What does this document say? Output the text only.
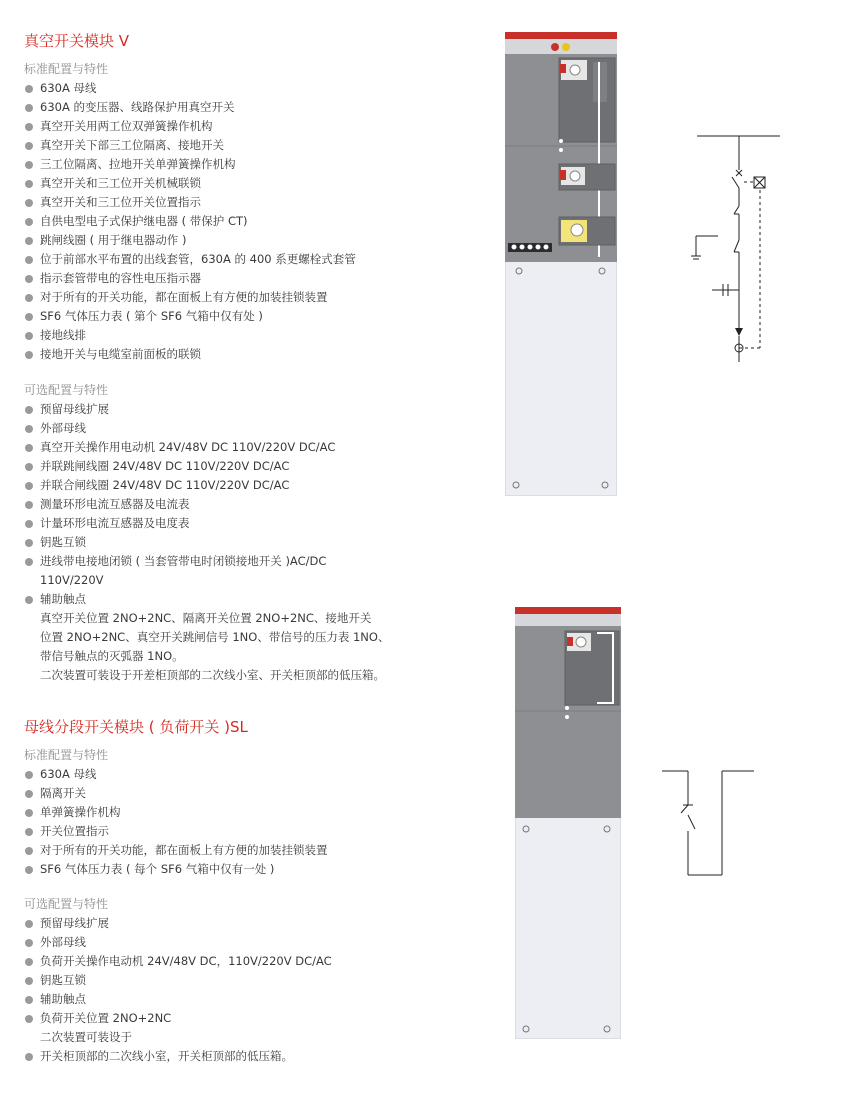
真空开关模块 V
标准配置与特性
630A 母线
630A 的变压器、线路保护用真空开关
真空开关用两工位双弹簧操作机构
真空开关下部三工位隔离、接地开关
三工位隔离、拉地开关单弹簧操作机构
真空开关和三工位开关机械联锁
真空开关和三工位开关位置指示
自供电型电子式保护继电器 ( 带保护 CT)
跳闸线圈 ( 用于继电器动作 )
位于前部水平布置的出线套管，630A 的 400 系更螺栓式套管
指示套管带电的容性电压指示器
对于所有的开关功能，都在面板上有方便的加装挂锁装置
SF6 气体压力表 ( 第个 SF6 气箱中仅有处 )
接地线排
接地开关与电缆室前面板的联锁
可选配置与特性
预留母线扩展
外部母线
真空开关操作用电动机 24V/48V DC 110V/220V DC/AC
并联跳闸线圈 24V/48V DC 110V/220V DC/AC
并联合闸线圈 24V/48V DC 110V/220V DC/AC
测量环形电流互感器及电流表
计量环形电流互感器及电度表
钥匙互锁
进线带电接地闭锁 ( 当套管带电时闭锁接地开关 )AC/DC
110V/220V
辅助触点
真空开关位置 2NO+2NC、隔离开关位置 2NO+2NC、接地开关
位置 2NO+2NC、真空开关跳闸信号 1NO、带信号的压力表 1NO、
带信号触点的灭弧器 1NO。
二次装置可装设于开差柜顶部的二次线小室、开关柜顶部的低压箱。
母线分段开关模块 ( 负荷开关 )SL
标准配置与特性
630A 母线
隔离开关
单弹簧操作机构
开关位置指示
对于所有的开关功能，都在面板上有方便的加装挂锁装置
SF6 气体压力表 ( 每个 SF6 气箱中仅有一处 )
可选配置与特性
预留母线扩展
外部母线
负荷开关操作电动机 24V/48V DC，110V/220V DC/AC
钥匙互锁
辅助触点
负荷开关位置 2NO+2NC
二次装置可装设于
开关柜顶部的二次线小室，开关柜顶部的低压箱。
